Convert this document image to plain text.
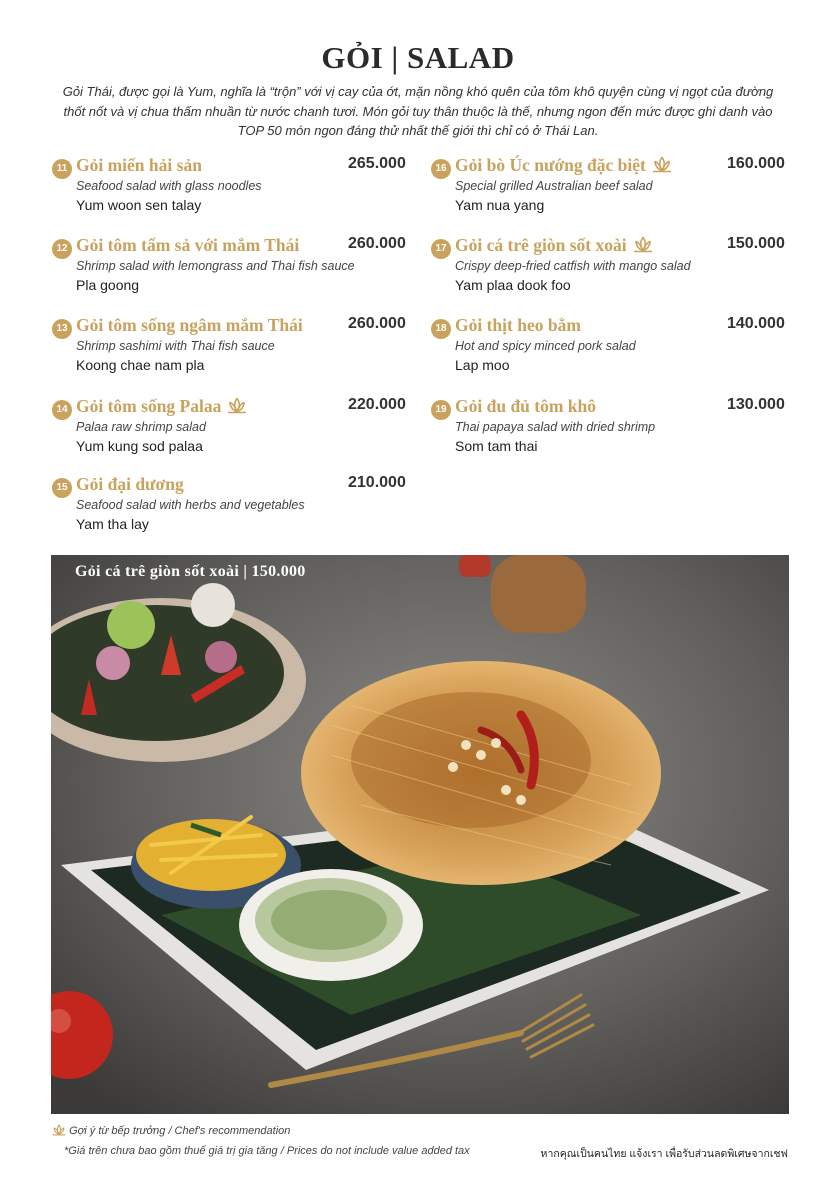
GỎI | SALAD
Gỏi Thái, được gọi là Yum, nghĩa là “trộn” với vị cay của ớt, mặn nồng khó quên của tôm khô quyện cùng vị ngọt của đường thốt nốt và vị chua thấm nhuần từ nước chanh tươi. Món gỏi tuy thân thuộc là thế, nhưng ngon đến mức được ghi danh vào TOP 50 món ngon đáng thử nhất thế giới thì chỉ có ở Thái Lan.
11 Gỏi miến hải sản	265.000
Seafood salad with glass noodles
Yum woon sen talay
12 Gỏi tôm tẩm sả với mắm Thái	260.000
Shrimp salad with lemongrass and Thai fish sauce
Pla goong
13 Gỏi tôm sống ngâm mắm Thái	260.000
Shrimp sashimi with Thai fish sauce
Koong chae nam pla
14 Gỏi tôm sống Palaa	220.000
Palaa raw shrimp salad
Yum kung sod palaa
15 Gỏi đại dương	210.000
Seafood salad with herbs and vegetables
Yam tha lay
16 Gỏi bò Úc nướng đặc biệt	160.000
Special grilled Australian beef salad
Yam nua yang
17 Gỏi cá trê giòn sốt xoài	150.000
Crispy deep-fried catfish with mango salad
Yam plaa dook foo
18 Gỏi thịt heo bằm	140.000
Hot and spicy minced pork salad
Lap moo
19 Gỏi đu đủ tôm khô	130.000
Thai papaya salad with dried shrimp
Som tam thai
Gỏi cá trê giòn sốt xoài | 150.000
Gợi ý từ bếp trưởng / Chef's recommendation
*Giá trên chưa bao gồm thuế giá trị gia tăng / Prices do not include value added tax	หากคุณเป็นคนไทย แจ้งเรา เพื่อรับส่วนลดพิเศษจากเชฟ
